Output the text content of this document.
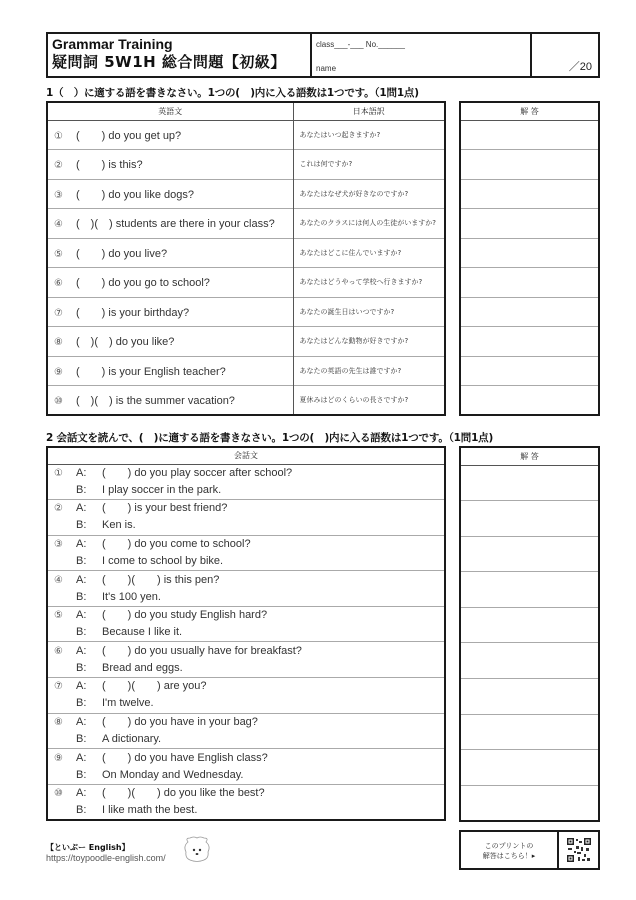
Grammar Training
疑問詞 5W1H 総合問題【初級】
class___-___ No.______
name	／20
1（　）に適する語を書きなさい。1つの(　)内に入る語数は1つです。（1問1点)
英語文	日本語訳
① (　　) do you get up?	あなたはいつ起きますか?
② (　　) is this?	これは何ですか?
③ (　　) do you like dogs?	あなたはなぜ犬が好きなのですか?
④ (　)(　) students are there in your class?	あなたのクラスには何人の生徒がいますか?
⑤ (　　) do you live?	あなたはどこに住んでいますか?
⑥ (　　) do you go to school?	あなたはどうやって学校へ行きますか?
⑦ (　　) is your birthday?	あなたの誕生日はいつですか?
⑧ (　)(　) do you like?	あなたはどんな動物が好きですか?
⑨ (　　) is your English teacher?	あなたの英語の先生は誰ですか?
⑩ (　)(　) is the summer vacation?	夏休みはどのくらいの長さですか?
解 答

2 会話文を読んで、(　)に適する語を書きなさい。1つの(　)内に入る語数は1つです。（1問1点)
会話文

①	A:	(　　) do you play soccer after school?
B:	I play soccer in the park.

②	A:	(　　) is your best friend?
B:	Ken is.

③	A:	(　　) do you come to school?
B:	I come to school by bike.

④	A:	(　　)(　　) is this pen?
B:	It's 100 yen.

⑤	A:	(　　) do you study English hard?
B:	Because I like it.

⑥	A:	(　　) do you usually have for breakfast?
B:	Bread and eggs.

⑦	A:	(　　)(　　) are you?
B:	I'm twelve.

⑧	A:	(　　) do you have in your bag?
B:	A dictionary.

⑨	A:	(　　) do you have English class?
B:	On Monday and Wednesday.

⑩	A:	(　　)(　　) do you like the best?
B:	I like math the best.
解 答

【といぷー English】
https://toypoodle-english.com/
このプリントの
解答はこちら！▸
